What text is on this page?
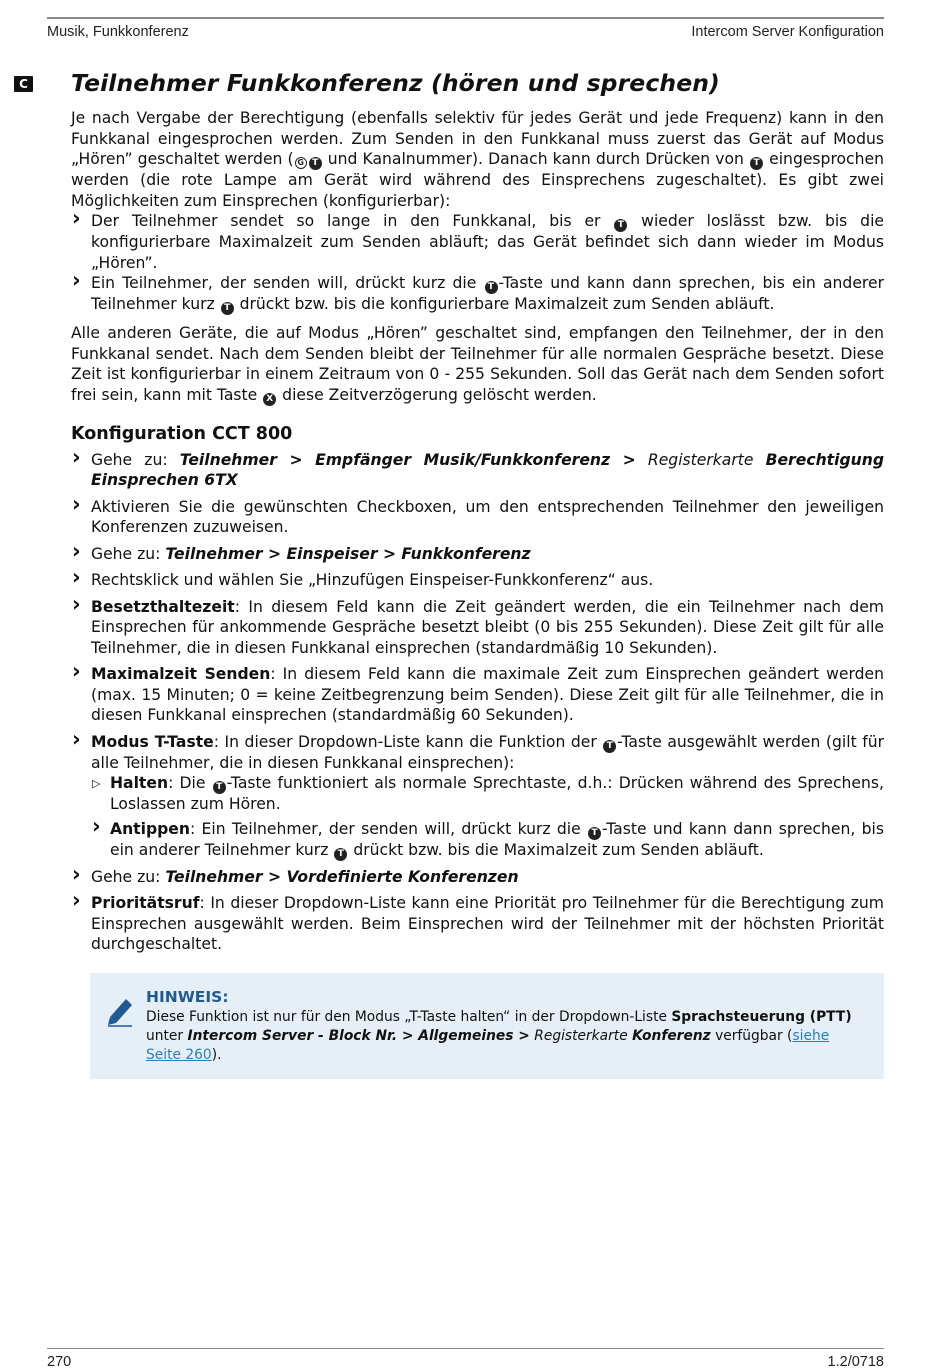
Musik, Funkkonferenz	Intercom Server Konfiguration
C Teilnehmer Funkkonferenz (hören und sprechen)

Je nach Vergabe der Berechtigung (ebenfalls selektiv für jedes Gerät und jede Frequenz) kann in den Funkkanal eingesprochen werden. Zum Senden in den Funkkanal muss zuerst das Gerät auf Modus „Hören” geschaltet werden ( G T und Kanalnummer). Danach kann durch Drücken von T eingesprochen werden (die rote Lampe am Gerät wird während des Einsprechens zugeschaltet). Es gibt zwei Möglichkeiten zum Einsprechen (konfigurierbar):

› Der Teilnehmer sendet so lange in den Funkkanal, bis er T wieder loslässt bzw. bis die konfigurierbare Maximalzeit zum Senden abläuft; das Gerät befindet sich dann wieder im Modus „Hören”.
› Ein Teilnehmer, der senden will, drückt kurz die T -Taste und kann dann sprechen, bis ein anderer Teilnehmer kurz T drückt bzw. bis die konfigurierbare Maximalzeit zum Senden abläuft.

Alle anderen Geräte, die auf Modus „Hören” geschaltet sind, empfangen den Teilnehmer, der in den Funkkanal sendet. Nach dem Senden bleibt der Teilnehmer für alle normalen Gespräche besetzt. Diese Zeit ist konfigurierbar in einem Zeitraum von 0 - 255 Sekunden. Soll das Gerät nach dem Senden sofort frei sein, kann mit Taste X diese Zeitverzögerung gelöscht werden.

Konfiguration CCT 800
› Gehe zu: Teilnehmer > Empfänger Musik/Funkkonferenz > Registerkarte Berechtigung Einsprechen 6TX
› Aktivieren Sie die gewünschten Checkboxen, um den entsprechenden Teilnehmer den jeweiligen Konferenzen zuzuweisen.
› Gehe zu: Teilnehmer > Einspeiser > Funkkonferenz
› Rechtsklick und wählen Sie „Hinzufügen Einspeiser-Funkkonferenz“ aus.
› Besetzthaltezeit: In diesem Feld kann die Zeit geändert werden, die ein Teilnehmer nach dem Einsprechen für ankommende Gespräche besetzt bleibt (0 bis 255 Sekunden). Diese Zeit gilt für alle Teilnehmer, die in diesen Funkkanal einsprechen (standardmäßig 10 Sekunden).
› Maximalzeit Senden: In diesem Feld kann die maximale Zeit zum Einsprechen geändert werden (max. 15 Minuten; 0 = keine Zeitbegrenzung beim Senden). Diese Zeit gilt für alle Teilnehmer, die in diesen Funkkanal einsprechen (standardmäßig 60 Sekunden).
› Modus T-Taste: In dieser Dropdown-Liste kann die Funktion der T -Taste ausgewählt werden (gilt für alle Teilnehmer, die in diesen Funkkanal einsprechen):
▷ Halten: Die T -Taste funktioniert als normale Sprechtaste, d.h.: Drücken während des Sprechens, Loslassen zum Hören.
› Antippen: Ein Teilnehmer, der senden will, drückt kurz die T -Taste und kann dann sprechen, bis ein anderer Teilnehmer kurz T drückt bzw. bis die Maximalzeit zum Senden abläuft.
› Gehe zu: Teilnehmer > Vordefinierte Konferenzen
› Prioritätsruf: In dieser Dropdown-Liste kann eine Priorität pro Teilnehmer für die Berechtigung zum Einsprechen ausgewählt werden. Beim Einsprechen wird der Teilnehmer mit der höchsten Priorität durchgeschaltet.
HINWEIS:
Diese Funktion ist nur für den Modus „T-Taste halten“ in der Dropdown-Liste Sprachsteuerung (PTT) unter Intercom Server - Block Nr. > Allgemeines > Registerkarte Konferenz verfügbar (siehe Seite 260).
270	1.2/0718
